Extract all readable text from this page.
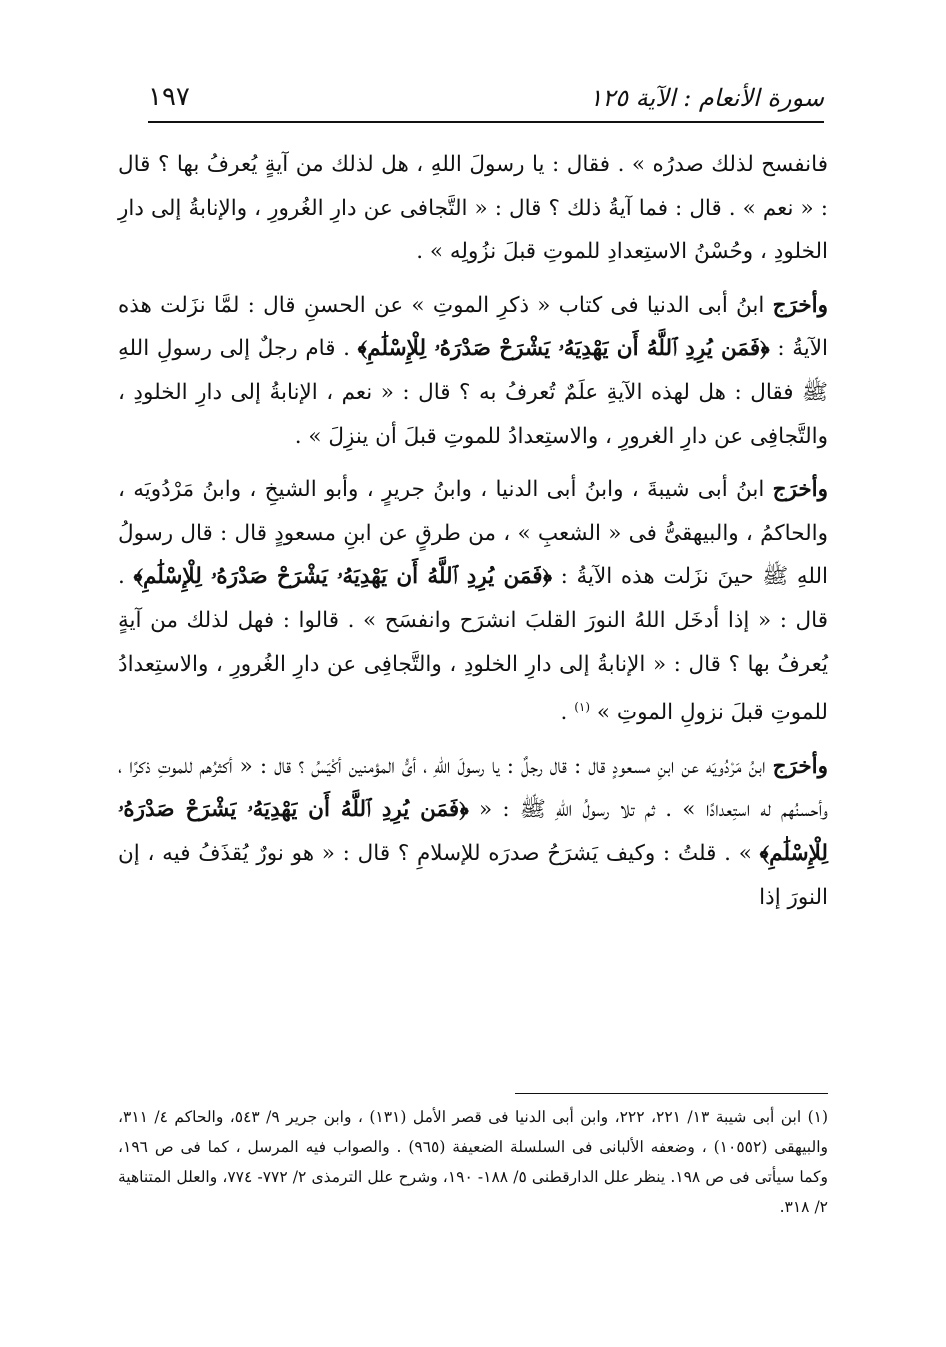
١٩٧	سورة الأنعام : الآية ١٢٥

فانفسح لذلك صدرُه » . فقال : يا رسولَ اللهِ ، هل لذلك من آيةٍ يُعرفُ بها ؟ قال : « نعم » . قال : فما آيةُ ذلك ؟ قال : « التَّجافى عن دارِ الغُرورِ ، والإنابةُ إلى دارِ الخلودِ ، وحُسْنُ الاستِعدادِ للموتِ قبلَ نزُولِه » .

وأخرَج ابنُ أبى الدنيا فى كتاب « ذكرِ الموتِ » عن الحسنِ قال : لمَّا نزَلت هذه الآيةُ : ﴿فَمَن يُرِدِ ٱللَّهُ أَن يَهْدِيَهُۥ يَشْرَحْ صَدْرَهُۥ لِلْإِسْلَٰمِ﴾ . قام رجلٌ إلى رسولِ اللهِ ﷺ فقال : هل لهذه الآيةِ علَمٌ تُعرفُ به ؟ قال : « نعم ، الإنابةُ إلى دارِ الخلودِ ، والتَّجافِى عن دارِ الغرورِ ، والاستِعدادُ للموتِ قبلَ أن ينزِلَ » .

وأخرَج ابنُ أبى شيبةَ ، وابنُ أبى الدنيا ، وابنُ جريرٍ ، وأبو الشيخِ ، وابنُ مَرْدُويَه ، والحاكمُ ، والبيهقىُّ فى « الشعبِ » ، من طرقٍ عن ابنِ مسعودٍ قال : قال رسولُ اللهِ ﷺ حينَ نزَلت هذه الآيةُ : ﴿فَمَن يُرِدِ ٱللَّهُ أَن يَهْدِيَهُۥ يَشْرَحْ صَدْرَهُۥ لِلْإِسْلَٰمِ﴾ . قال : « إذا أدخَل اللهُ النورَ القلبَ انشرَح وانفسَح » . قالوا : فهل لذلك من آيةٍ يُعرفُ بها ؟ قال : « الإنابةُ إلى دارِ الخلودِ ، والتَّجافِى عن دارِ الغُرورِ ، والاستِعدادُ للموتِ قبلَ نزولِ الموتِ » $^{(١)}$ .

وأخرَج ابنُ مَرْدُويَه عن ابنِ مسعودٍ قال : قال رجلٌ : يا رسولَ اللهِ ، أىُّ المؤمنين أكْيَسُ ؟ قال : « أكثرُهم للموتِ ذكرًا ، وأحسنُهم له استِعدادًا » . ثم تلا رسولُ اللهِ ﷺ : « ﴿فَمَن يُرِدِ ٱللَّهُ أَن يَهْدِيَهُۥ يَشْرَحْ صَدْرَهُۥ لِلْإِسْلَٰمِ﴾ » . قلتُ : وكيف يَشرَحُ صدرَه للإسلامِ ؟ قال : « هو نورٌ يُقذَفُ فيه ، إن النورَ إذا

(١) ابن أبى شيبة ١٣/ ٢٢١، ٢٢٢، وابن أبى الدنيا فى قصر الأمل (١٣١) ، وابن جرير ٩/ ٥٤٣، والحاكم ٤/ ٣١١، والبيهقى (١٠٥٥٢) ، وضعفه الألبانى فى السلسلة الضعيفة (٩٦٥) . والصواب فيه المرسل ، كما فى ص ١٩٦، وكما سيأتى فى ص ١٩٨. ينظر علل الدارقطنى ٥/ ١٨٨- ١٩٠، وشرح علل الترمذى ٢/ ٧٧٢- ٧٧٤، والعلل المتناهية ٢/ ٣١٨.
